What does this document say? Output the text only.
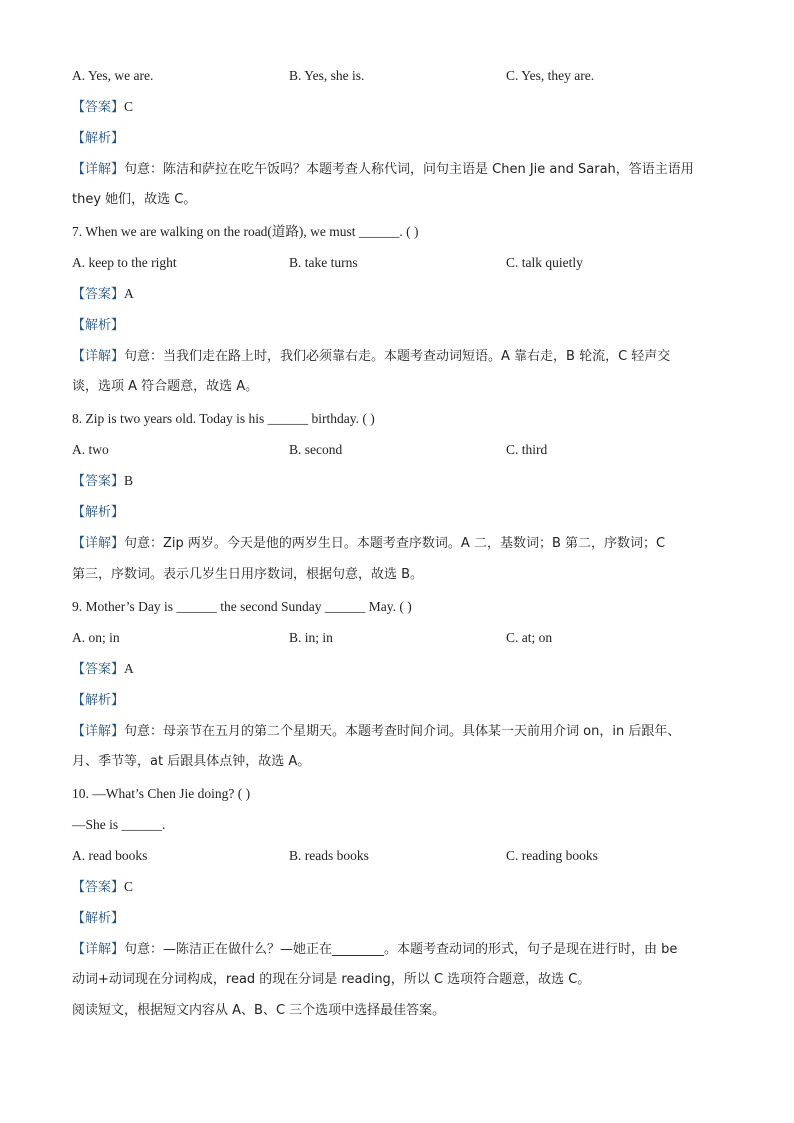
A. Yes, we are.	B. Yes, she is.	C. Yes, they are.
【答案】C
【解析】
【详解】句意：陈洁和萨拉在吃午饭吗？本题考查人称代词，问句主语是 Chen Jie and Sarah，答语主语用
they 她们，故选 C。
7. When we are walking on the road(道路), we must ______. ( )
A. keep to the right	B. take turns	C. talk quietly
【答案】A
【解析】
【详解】句意：当我们走在路上时，我们必须靠右走。本题考查动词短语。A 靠右走，B 轮流，C 轻声交
谈，选项 A 符合题意，故选 A。
8. Zip is two years old. Today is his ______ birthday. ( )
A. two	B. second	C. third
【答案】B
【解析】
【详解】句意：Zip 两岁。今天是他的两岁生日。本题考查序数词。A 二，基数词；B 第二，序数词；C
第三，序数词。表示几岁生日用序数词，根据句意，故选 B。
9. Mother’s Day is ______ the second Sunday ______ May. ( )
A. on; in	B. in; in	C. at; on
【答案】A
【解析】
【详解】句意：母亲节在五月的第二个星期天。本题考查时间介词。具体某一天前用介词 on，in 后跟年、
月、季节等，at 后跟具体点钟，故选 A。
10. —What’s Chen Jie doing? ( )
—She is ______.
A. read books	B. reads books	C. reading books
【答案】C
【解析】
【详解】句意：—陈洁正在做什么？—她正在________。本题考查动词的形式，句子是现在进行时，由 be
动词+动词现在分词构成，read 的现在分词是 reading，所以 C 选项符合题意，故选 C。
阅读短文，根据短文内容从 A、B、C 三个选项中选择最佳答案。
